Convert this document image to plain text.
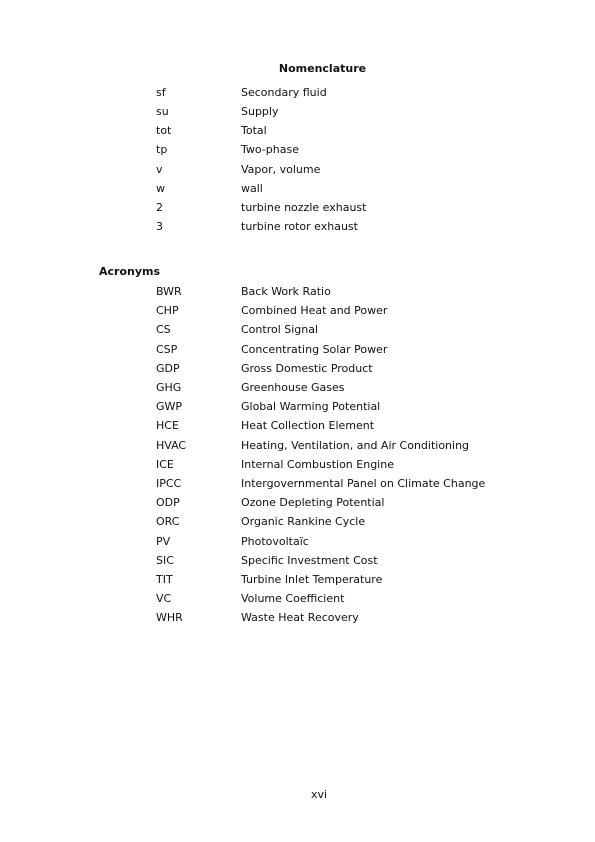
Nomenclature
sf	Secondary fluid
su	Supply
tot	Total
tp	Two-phase
v	Vapor, volume
w	wall
2	turbine nozzle exhaust
3	turbine rotor exhaust
Acronyms
BWR	Back Work Ratio
CHP	Combined Heat and Power
CS	Control Signal
CSP	Concentrating Solar Power
GDP	Gross Domestic Product
GHG	Greenhouse Gases
GWP	Global Warming Potential
HCE	Heat Collection Element
HVAC	Heating, Ventilation, and Air Conditioning
ICE	Internal Combustion Engine
IPCC	Intergovernmental Panel on Climate Change
ODP	Ozone Depleting Potential
ORC	Organic Rankine Cycle
PV	Photovoltaïc
SIC	Specific Investment Cost
TIT	Turbine Inlet Temperature
VC	Volume Coefficient
WHR	Waste Heat Recovery
xvi
